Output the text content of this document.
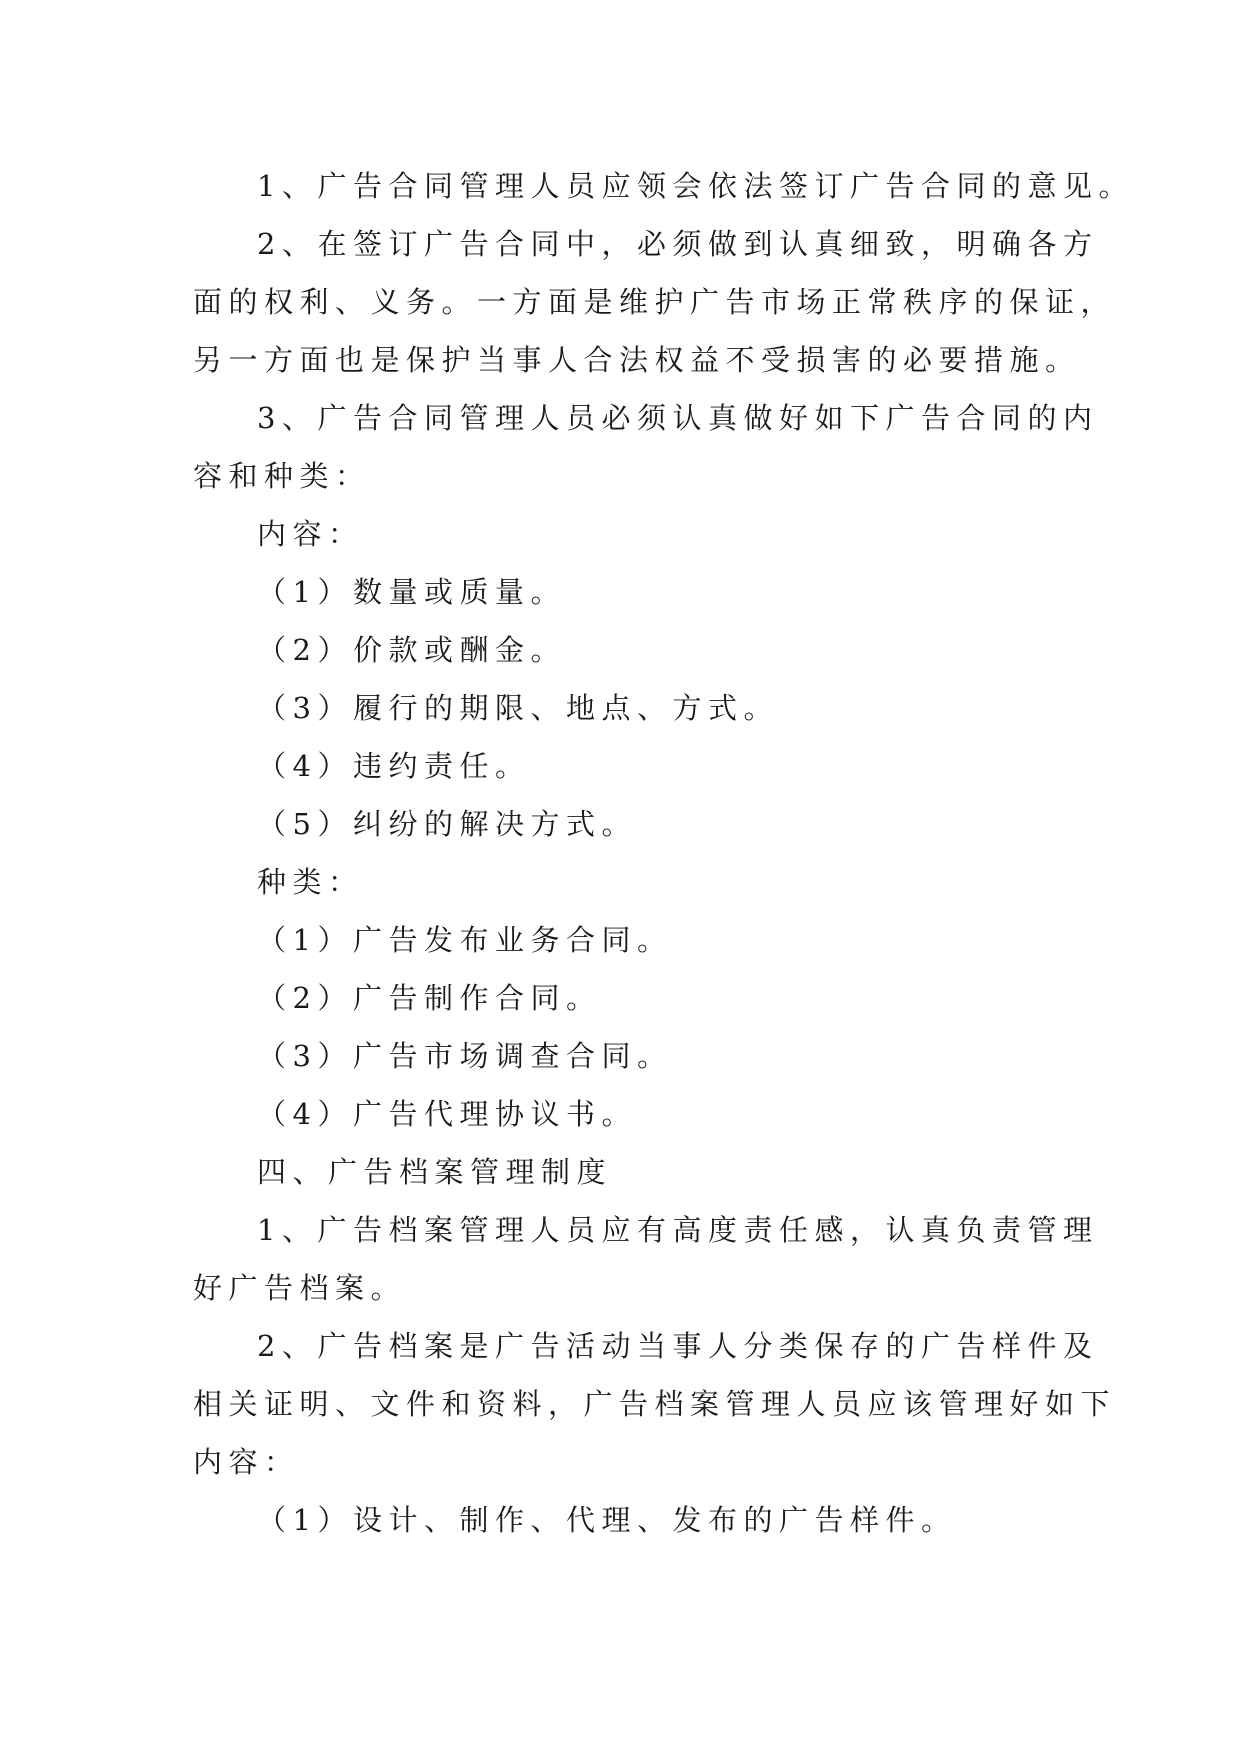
1、广告合同管理人员应领会依法签订广告合同的意见。
2、在签订广告合同中，必须做到认真细致，明确各方
面的权利、义务。一方面是维护广告市场正常秩序的保证，
另一方面也是保护当事人合法权益不受损害的必要措施。
3、广告合同管理人员必须认真做好如下广告合同的内
容和种类：
内容：
（1）数量或质量。
（2）价款或酬金。
（3）履行的期限、地点、方式。
（4）违约责任。
（5）纠纷的解决方式。
种类：
（1）广告发布业务合同。
（2）广告制作合同。
（3）广告市场调查合同。
（4）广告代理协议书。
四、广告档案管理制度
1、广告档案管理人员应有高度责任感，认真负责管理
好广告档案。
2、广告档案是广告活动当事人分类保存的广告样件及
相关证明、文件和资料，广告档案管理人员应该管理好如下
内容：
（1）设计、制作、代理、发布的广告样件。
